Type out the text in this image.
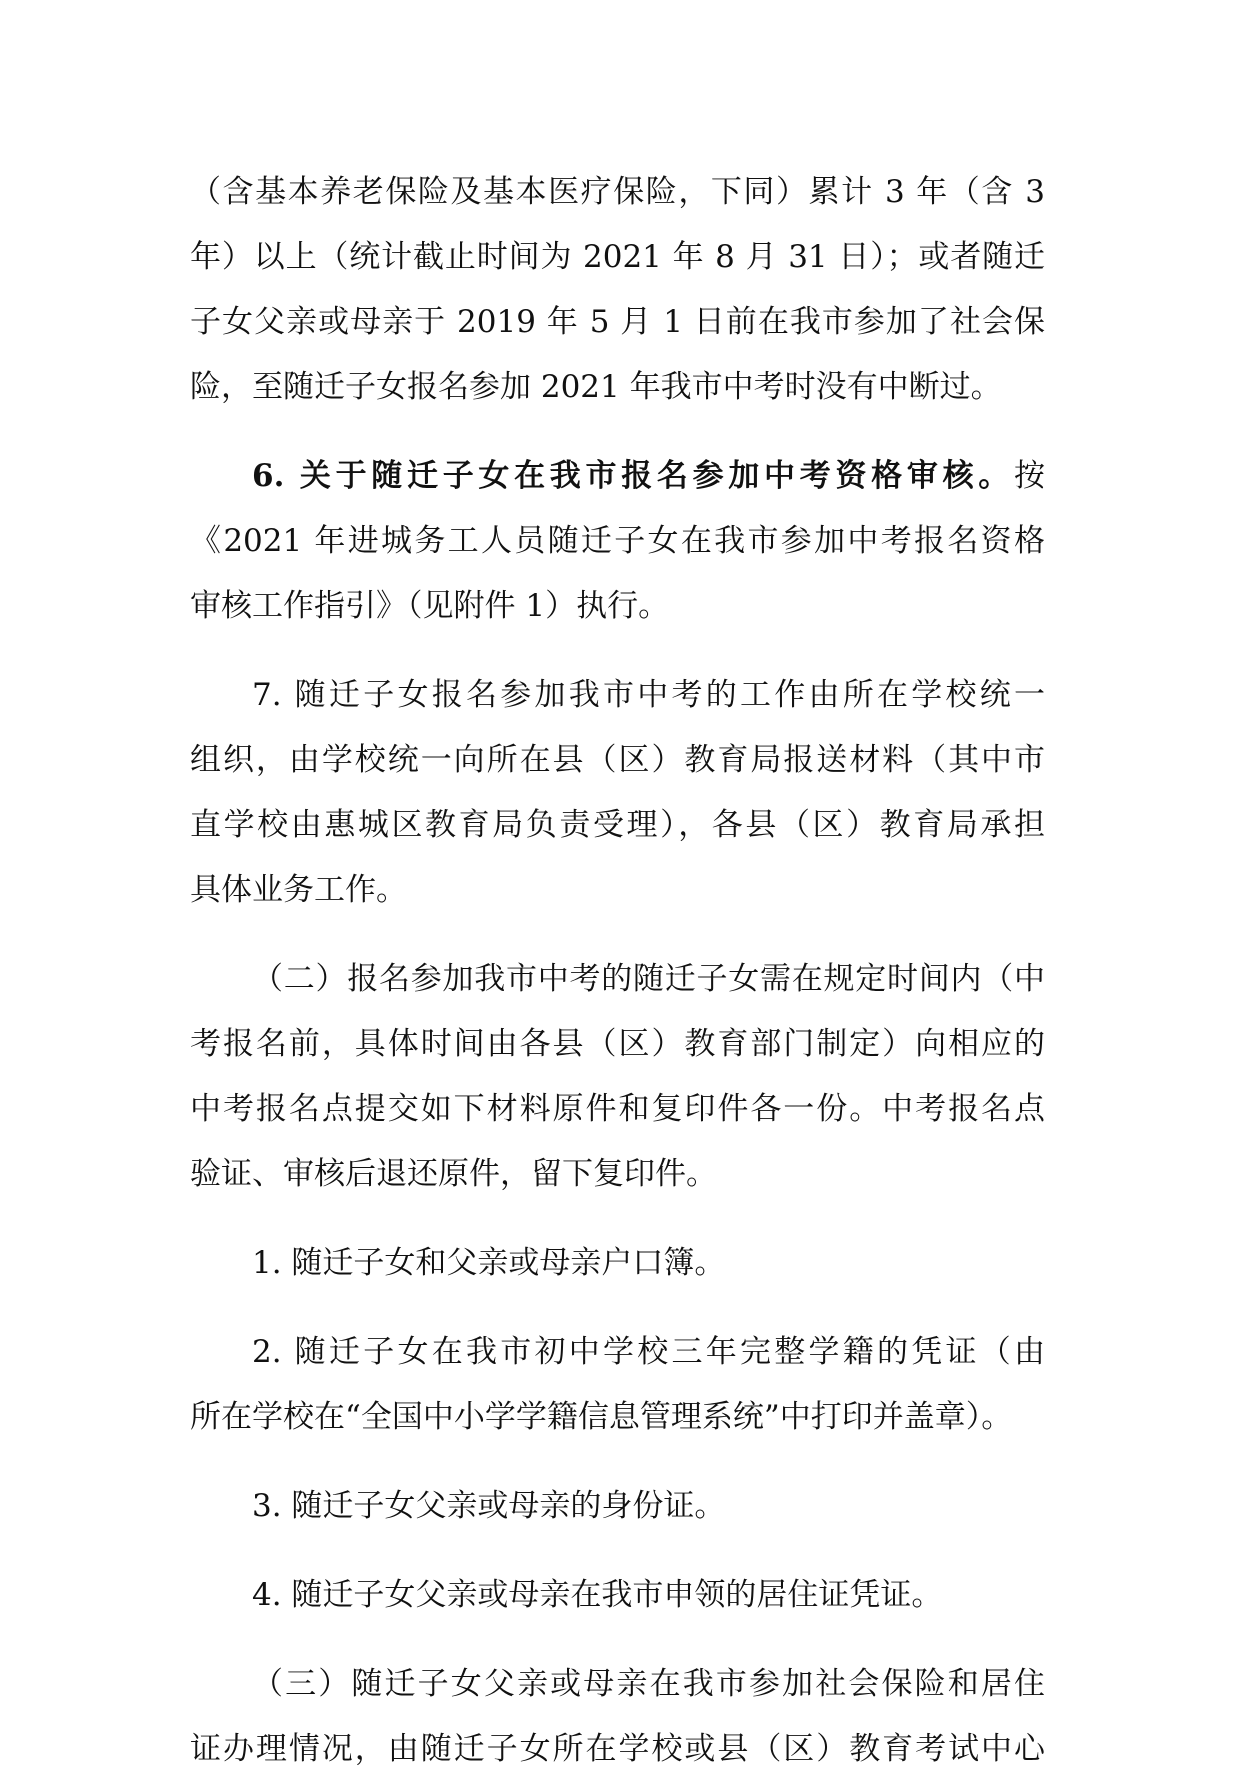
（含基本养老保险及基本医疗保险，下同）累计 3 年（含 3
年）以上（统计截止时间为 2021 年 8 月 31 日）；或者随迁
子女父亲或母亲于 2019 年 5 月 1 日前在我市参加了社会保
险，至随迁子女报名参加 2021 年我市中考时没有中断过。
6. 关于随迁子女在我市报名参加中考资格审核。按
《2021 年进城务工人员随迁子女在我市参加中考报名资格
审核工作指引》（见附件 1）执行。
7. 随迁子女报名参加我市中考的工作由所在学校统一
组织，由学校统一向所在县（区）教育局报送材料（其中市
直学校由惠城区教育局负责受理），各县（区）教育局承担
具体业务工作。
（二）报名参加我市中考的随迁子女需在规定时间内（中
考报名前，具体时间由各县（区）教育部门制定）向相应的
中考报名点提交如下材料原件和复印件各一份。中考报名点
验证、审核后退还原件，留下复印件。
1. 随迁子女和父亲或母亲户口簿。
2. 随迁子女在我市初中学校三年完整学籍的凭证（由
所在学校在“全国中小学学籍信息管理系统”中打印并盖章）。
3. 随迁子女父亲或母亲的身份证。
4. 随迁子女父亲或母亲在我市申领的居住证凭证。
（三）随迁子女父亲或母亲在我市参加社会保险和居住
证办理情况，由随迁子女所在学校或县（区）教育考试中心
